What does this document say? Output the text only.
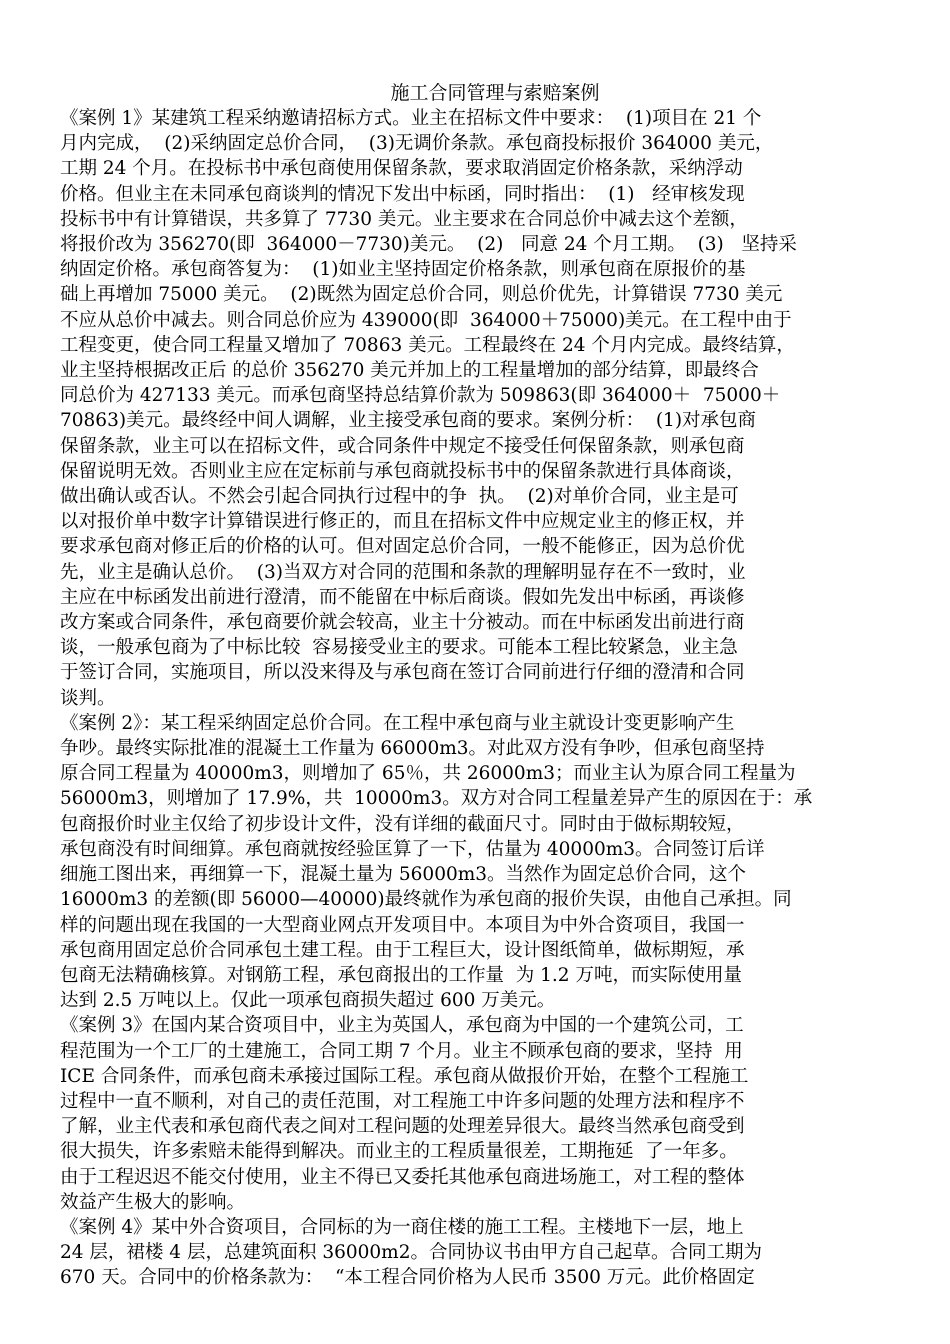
施工合同管理与索赔案例

《案例 1》某建筑工程采纳邀请招标方式。业主在招标文件中要求：  (1)项目在 21 个

月内完成，  (2)采纳固定总价合同，  (3)无调价条款。承包商投标报价 364000 美元，

工期 24 个月。在投标书中承包商使用保留条款，要求取消固定价格条款，采纳浮动

价格。但业主在未同承包商谈判的情况下发出中标函，同时指出：  (1)   经审核发现

投标书中有计算错误，共多算了 7730 美元。业主要求在合同总价中减去这个差额，

将报价改为 356270(即  364000－7730)美元。  (2)   同意 24 个月工期。  (3)   坚持采

纳固定价格。承包商答复为：  (1)如业主坚持固定价格条款，则承包商在原报价的基

础上再增加 75000 美元。  (2)既然为固定总价合同，则总价优先，计算错误 7730 美元

不应从总价中减去。则合同总价应为 439000(即  364000＋75000)美元。在工程中由于

工程变更，使合同工程量又增加了 70863 美元。工程最终在 24 个月内完成。最终结算，

业主坚持根据改正后 的总价 356270 美元并加上的工程量增加的部分结算，即最终合

同总价为 427133 美元。而承包商坚持总结算价款为 509863(即 364000＋  75000＋

70863)美元。最终经中间人调解，业主接受承包商的要求。案例分析：  (1)对承包商

保留条款，业主可以在招标文件，或合同条件中规定不接受任何保留条款，则承包商

保留说明无效。否则业主应在定标前与承包商就投标书中的保留条款进行具体商谈，

做出确认或否认。不然会引起合同执行过程中的争  执。  (2)对单价合同，业主是可

以对报价单中数字计算错误进行修正的，而且在招标文件中应规定业主的修正权，并

要求承包商对修正后的价格的认可。但对固定总价合同，一般不能修正，因为总价优

先，业主是确认总价。  (3)当双方对合同的范围和条款的理解明显存在不一致时，业

主应在中标函发出前进行澄清，而不能留在中标后商谈。假如先发出中标函，再谈修

改方案或合同条件，承包商要价就会较高，业主十分被动。而在中标函发出前进行商

谈，一般承包商为了中标比较  容易接受业主的要求。可能本工程比较紧急，业主急

于签订合同，实施项目，所以没来得及与承包商在签订合同前进行仔细的澄清和合同

谈判。

《案例 2》：某工程采纳固定总价合同。在工程中承包商与业主就设计变更影响产生

争吵。最终实际批准的混凝土工作量为 66000m3。对此双方没有争吵，但承包商坚持

原合同工程量为 40000m3，则增加了 65％，共 26000m3；而业主认为原合同工程量为

56000m3，则增加了 17.9%，共  10000m3。双方对合同工程量差异产生的原因在于：承

包商报价时业主仅给了初步设计文件，没有详细的截面尺寸。同时由于做标期较短，

承包商没有时间细算。承包商就按经验匡算了一下，估量为 40000m3。合同签订后详

细施工图出来，再细算一下，混凝土量为 56000m3。当然作为固定总价合同，这个

16000m3 的差额(即 56000—40000)最终就作为承包商的报价失误，由他自己承担。同

样的问题出现在我国的一大型商业网点开发项目中。本项目为中外合资项目，我国一

承包商用固定总价合同承包土建工程。由于工程巨大，设计图纸简单，做标期短，承

包商无法精确核算。对钢筋工程，承包商报出的工作量  为 1.2 万吨，而实际使用量

达到 2.5 万吨以上。仅此一项承包商损失超过 600 万美元。

《案例 3》在国内某合资项目中，业主为英国人，承包商为中国的一个建筑公司，工

程范围为一个工厂的土建施工，合同工期 7 个月。业主不顾承包商的要求，坚持  用

ICE 合同条件，而承包商未承接过国际工程。承包商从做报价开始，在整个工程施工

过程中一直不顺利，对自己的责任范围，对工程施工中许多问题的处理方法和程序不

了解，业主代表和承包商代表之间对工程问题的处理差异很大。最终当然承包商受到

很大损失，许多索赔未能得到解决。而业主的工程质量很差，工期拖延  了一年多。

由于工程迟迟不能交付使用，业主不得已又委托其他承包商进场施工，对工程的整体

效益产生极大的影响。

《案例 4》某中外合资项目，合同标的为一商住楼的施工工程。主楼地下一层，地上

24 层，裙楼 4 层，总建筑面积 36000m2。合同协议书由甲方自己起草。合同工期为

670 天。合同中的价格条款为：  “本工程合同价格为人民币 3500 万元。此价格固定
